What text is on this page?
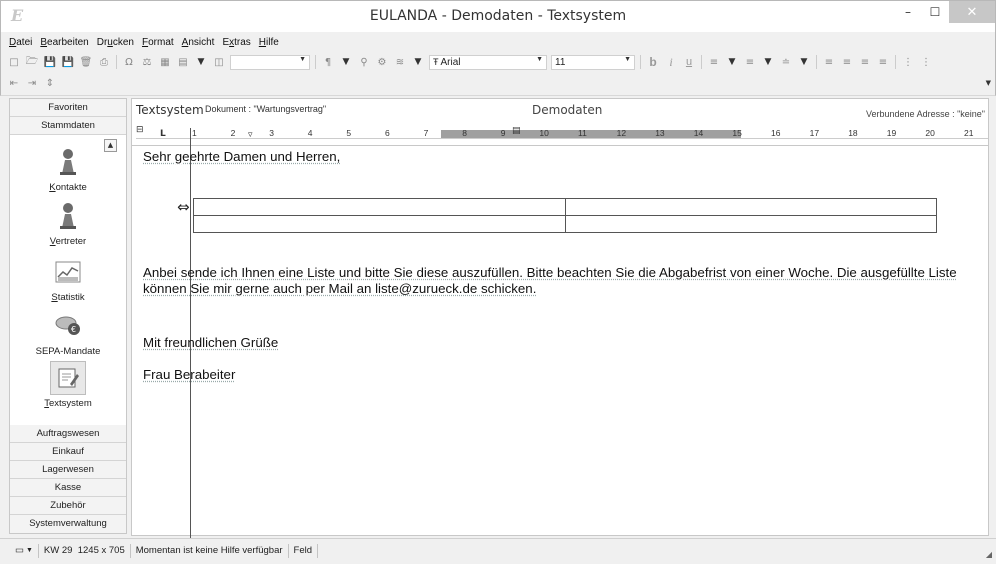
E	EULANDA - Demodaten - Textsystem	– ☐ ✕
Datei Bearbeiten Drucken Format Ansicht Extras Hilfe
□ 🗁 💾 💾 🗑 ⎙	Ω ⚖ ▦ ▤	▼ ◫	▼	¶	▼	⚲ ⚙ ≋	▼	Ŧ Arial	▼ 11	▼	b	i	u	≡	▼	≡	▼	≐	▼	≡ ≡ ≡ ≡	⋮ ⋮
⇤ ⇥ ⇕	▼
Favoriten
Stammdaten
▲
Kontakte
Vertreter
Statistik
€
SEPA-Mandate
Textsystem
Auftragswesen
Einkauf
Lagerwesen
Kasse
Zubehör
Systemverwaltung
Textsystem Dokument : "Wartungsvertrag"	Demodaten	Verbundene Adresse : "keine"
⊟ L	▿	▤
1	2	3	4	5	6	7	8	9	10	11	12	13	14	15	16	17	18	19	20	21
Sehr geehrte Damen und Herren,

⇔
Anbei sende ich Ihnen eine Liste und bitte Sie diese auszufüllen. Bitte beachten Sie die Abgabefrist von einer Woche. Die ausgefüllte Liste können Sie mir gerne auch per Mail an liste@zurueck.de schicken.
Mit freundlichen Grüße
Frau Berabeiter
▭ ▼ KW 29
1245 x 705	Momentan ist keine Hilfe verfügbar	Feld	◢
